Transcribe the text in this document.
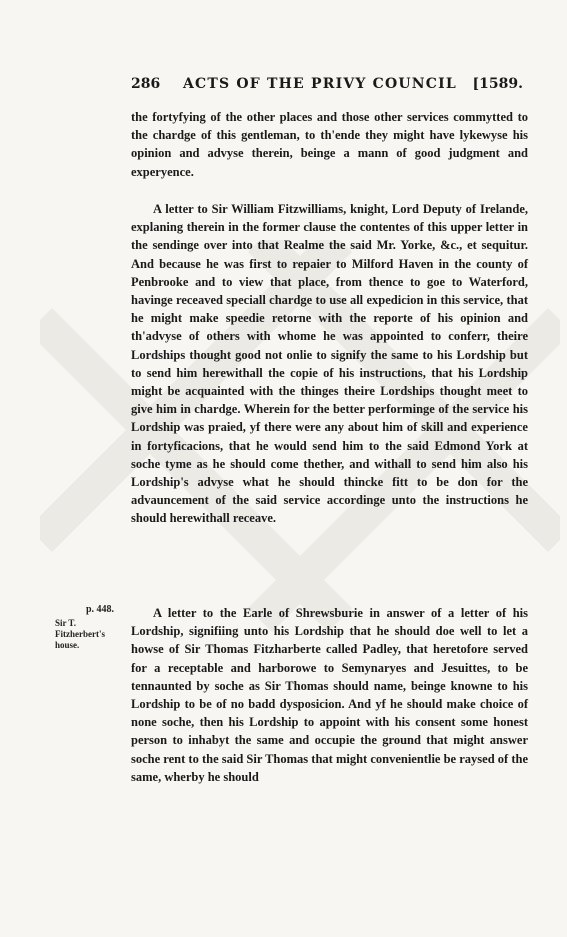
286 ACTS OF THE PRIVY COUNCIL [1589.
the fortyfying of the other places and those other services commytted to the chardge of this gentleman, to th'ende they might have lykewyse his opinion and advyse therein, beinge a mann of good judgment and experyence.
A letter to Sir William Fitzwilliams, knight, Lord Deputy of Irelande, explaning therein in the former clause the contentes of this upper letter in the sendinge over into that Realme the said Mr. Yorke, &c., et sequitur. And because he was first to repaier to Milford Haven in the county of Penbrooke and to view that place, from thence to goe to Waterford, havinge receaved speciall chardge to use all expedicion in this service, that he might make speedie retorne with the reporte of his opinion and th'advyse of others with whome he was appointed to conferr, theire Lordships thought good not onlie to signify the same to his Lordship but to send him herewithall the copie of his instructions, that his Lordship might be acquainted with the thinges theire Lordships thought meet to give him in chardge. Wherein for the better performinge of the service his Lordship was praied, yf there were any about him of skill and experience in fortyficacions, that he would send him to the said Edmond York at soche tyme as he should come thether, and withall to send him also his Lordship's advyse what he should thincke fitt to be don for the advauncement of the said service accordinge unto the instructions he should herewithall receave.
A letter to the Earle of Shrewsburie in answer of a letter of his Lordship, signifiing unto his Lordship that he should doe well to let a howse of Sir Thomas Fitzharberte called Padley, that heretofore served for a receptable and harborowe to Semynaryes and Jesuittes, to be tennaunted by soche as Sir Thomas should name, beinge knowne to his Lordship to be of no badd dysposicion. And yf he should make choice of none soche, then his Lordship to appoint with his consent some honest person to inhabyt the same and occupie the ground that might answer soche rent to the said Sir Thomas that might convenientlie be raysed of the same, wherby he should
p. 448.
Sir T. Fitzherbert's house.
